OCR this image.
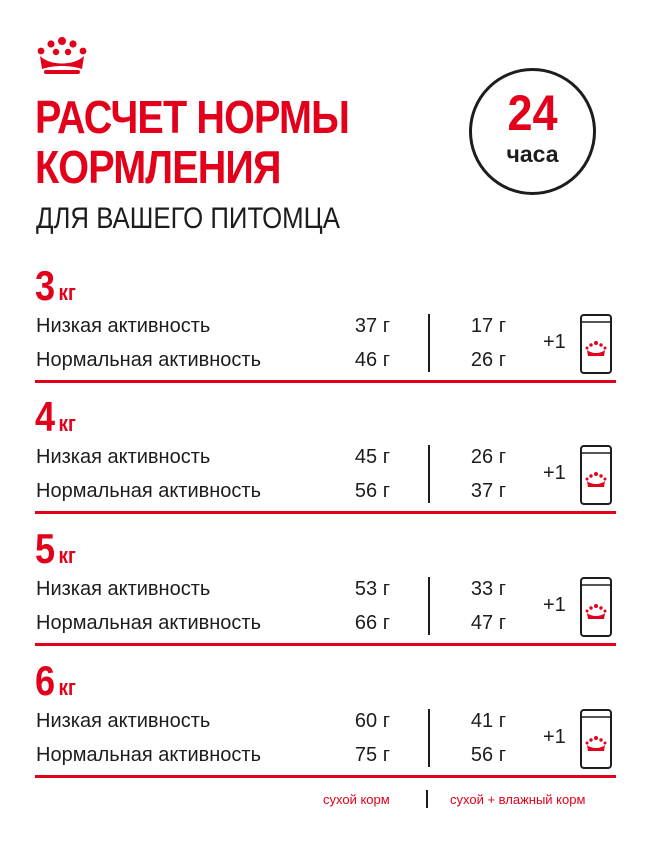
РАСЧЕТ НОРМЫ
КОРМЛЕНИЯ
ДЛЯ ВАШЕГО ПИТОМЦА
24
часа
3 кг
Низкая активность	37 г	17 г
Нормальная активность	46 г	26 г
+1
4 кг
Низкая активность	45 г	26 г
Нормальная активность	56 г	37 г
+1
5 кг
Низкая активность	53 г	33 г
Нормальная активность	66 г	47 г
+1
6 кг
Низкая активность	60 г	41 г
Нормальная активность	75 г	56 г
+1
сухой корм	сухой + влажный корм
